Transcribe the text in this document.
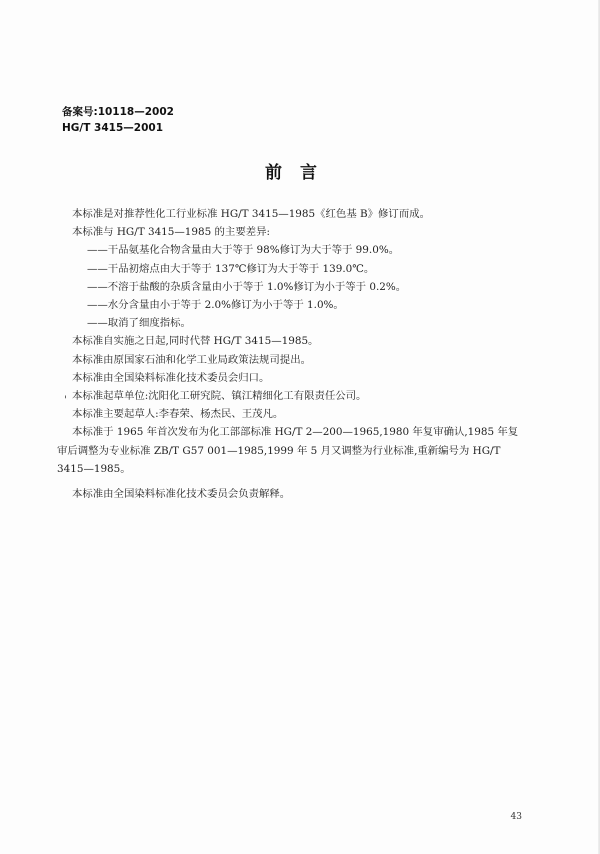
备案号:10118—2002
HG/T 3415—2001
前言

本标准是对推荐性化工行业标准 HG/T 3415—1985《红色基 B》修订而成。

本标准与 HG/T 3415—1985 的主要差异:

——干品氨基化合物含量由大于等于 98%修订为大于等于 99.0%。

——干品初熔点由大于等于 137℃修订为大于等于 139.0℃。

——不溶于盐酸的杂质含量由小于等于 1.0%修订为小于等于 0.2%。

——水分含量由小于等于 2.0%修订为小于等于 1.0%。

——取消了细度指标。

本标准自实施之日起,同时代替 HG/T 3415—1985。

本标准由原国家石油和化学工业局政策法规司提出。

本标准由全国染料标准化技术委员会归口。

本标准起草单位:沈阳化工研究院、镇江精细化工有限责任公司。

本标准主要起草人:李春荣、杨杰民、王茂凡。

本标准于 1965 年首次发布为化工部部标准 HG/T 2—200—1965,1980 年复审确认,1985 年复审后调整为专业标准 ZB/T G57 001—1985,1999 年 5 月又调整为行业标准,重新编号为 HG/T 3415—1985。

本标准由全国染料标准化技术委员会负责解释。

'
43
